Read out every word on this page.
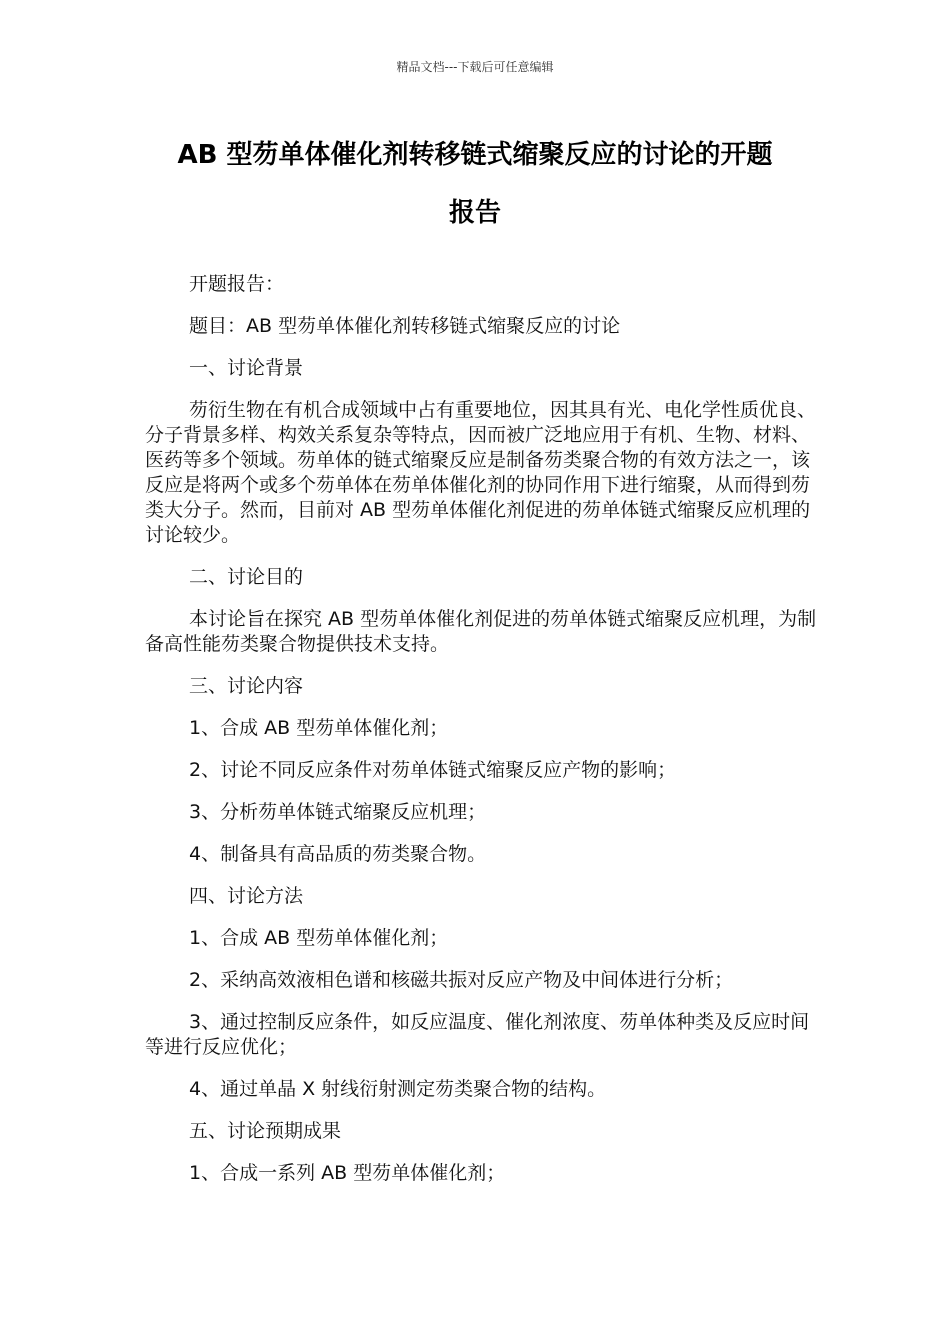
精品文档---下载后可任意编辑
AB 型芴单体催化剂转移链式缩聚反应的讨论的开题
报告

开题报告：

题目：AB 型芴单体催化剂转移链式缩聚反应的讨论

一、讨论背景

芴衍生物在有机合成领域中占有重要地位，因其具有光、电化学性质优良、分子背景多样、构效关系复杂等特点，因而被广泛地应用于有机、生物、材料、医药等多个领域。芴单体的链式缩聚反应是制备芴类聚合物的有效方法之一，该反应是将两个或多个芴单体在芴单体催化剂的协同作用下进行缩聚，从而得到芴类大分子。然而，目前对 AB 型芴单体催化剂促进的芴单体链式缩聚反应机理的讨论较少。

二、讨论目的

本讨论旨在探究 AB 型芴单体催化剂促进的芴单体链式缩聚反应机理，为制备高性能芴类聚合物提供技术支持。

三、讨论内容

1、合成 AB 型芴单体催化剂；

2、讨论不同反应条件对芴单体链式缩聚反应产物的影响；

3、分析芴单体链式缩聚反应机理；

4、制备具有高品质的芴类聚合物。

四、讨论方法

1、合成 AB 型芴单体催化剂；

2、采纳高效液相色谱和核磁共振对反应产物及中间体进行分析；

3、通过控制反应条件，如反应温度、催化剂浓度、芴单体种类及反应时间等进行反应优化；

4、通过单晶 X 射线衍射测定芴类聚合物的结构。

五、讨论预期成果

1、合成一系列 AB 型芴单体催化剂；
